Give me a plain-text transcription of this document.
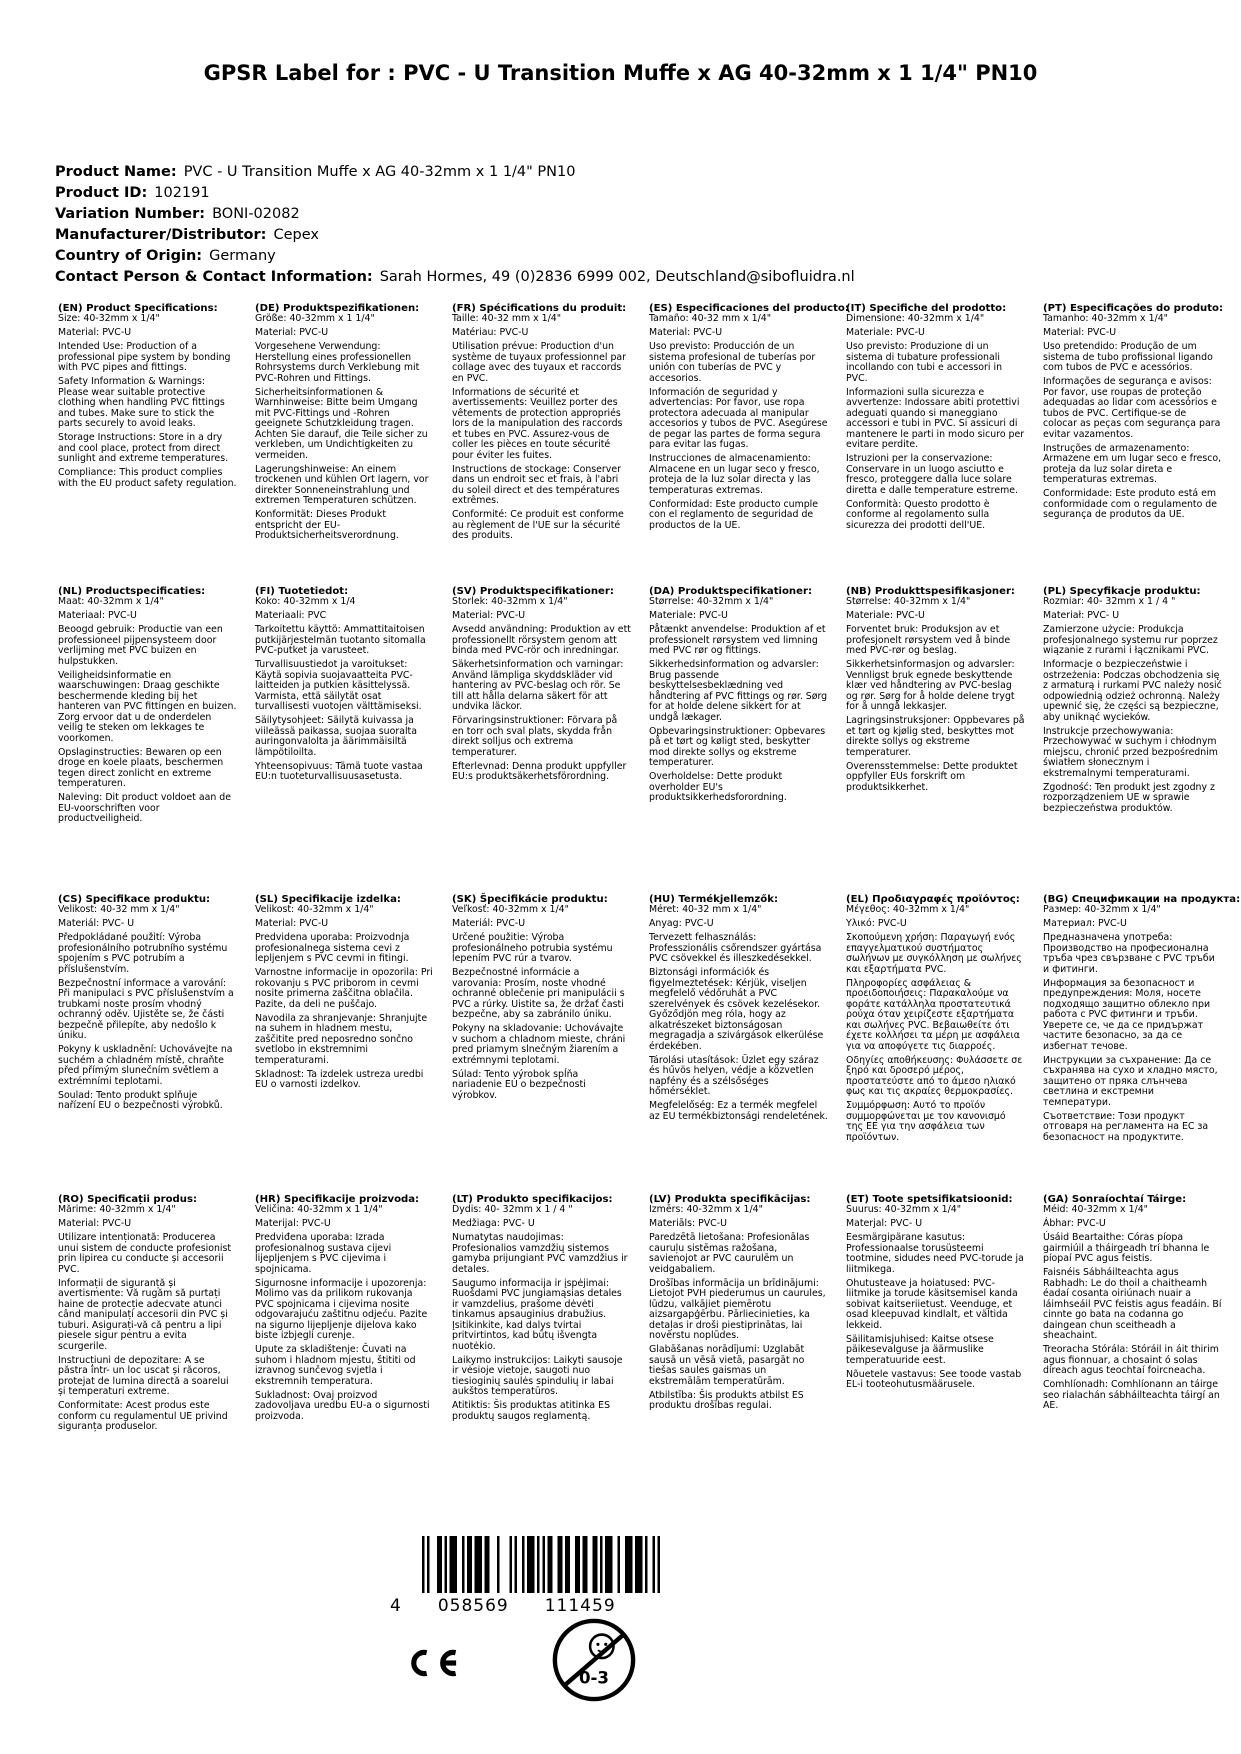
GPSR Label for : PVC - U Transition Muffe x AG 40-32mm x 1 1/4" PN10
Product Name: PVC - U Transition Muffe x AG 40-32mm x 1 1/4" PN10
Product ID: 102191
Variation Number: BONI-02082
Manufacturer/Distributor: Cepex
Country of Origin: Germany
Contact Person & Contact Information: Sarah Hormes, 49 (0)2836 6999 002, Deutschland@sibofluidra.nl
(EN) Product Specifications:

Size: 40-32mm x 1/4"

Material: PVC-U

Intended Use: Production of a professional pipe system by bonding with PVC pipes and fittings.

Safety Information & Warnings: Please wear suitable protective clothing when handling PVC fittings and tubes. Make sure to stick the parts securely to avoid leaks.

Storage Instructions: Store in a dry and cool place, protect from direct sunlight and extreme temperatures.

Compliance: This product complies with the EU product safety regulation.

(DE) Produktspezifikationen:

Größe: 40-32mm x 1 1/4"

Material: PVC-U

Vorgesehene Verwendung: Herstellung eines professionellen Rohrsystems durch Verklebung mit PVC-Rohren und Fittings.

Sicherheitsinformationen & Warnhinweise: Bitte beim Umgang mit PVC-Fittings und -Rohren geeignete Schutzkleidung tragen. Achten Sie darauf, die Teile sicher zu verkleben, um Undichtigkeiten zu vermeiden.

Lagerungshinweise: An einem trockenen und kühlen Ort lagern, vor direkter Sonneneinstrahlung und extremen Temperaturen schützen.

Konformität: Dieses Produkt entspricht der EU-Produktsicherheitsverordnung.

(FR) Spécifications du produit:

Taille: 40-32 mm x 1/4"

Matériau: PVC-U

Utilisation prévue: Production d'un système de tuyaux professionnel par collage avec des tuyaux et raccords en PVC.

Informations de sécurité et avertissements: Veuillez porter des vêtements de protection appropriés lors de la manipulation des raccords et tubes en PVC. Assurez-vous de coller les pièces en toute sécurité pour éviter les fuites.

Instructions de stockage: Conserver dans un endroit sec et frais, à l'abri du soleil direct et des températures extrêmes.

Conformité: Ce produit est conforme au règlement de l'UE sur la sécurité des produits.

(ES) Especificaciones del producto:

Tamaño: 40-32 mm x 1/4"

Material: PVC-U

Uso previsto: Producción de un sistema profesional de tuberías por unión con tuberías de PVC y accesorios.

Información de seguridad y advertencias: Por favor, use ropa protectora adecuada al manipular accesorios y tubos de PVC. Asegúrese de pegar las partes de forma segura para evitar las fugas.

Instrucciones de almacenamiento: Almacene en un lugar seco y fresco, proteja de la luz solar directa y las temperaturas extremas.

Conformidad: Este producto cumple con el reglamento de seguridad de productos de la UE.

(IT) Specifiche del prodotto:

Dimensione: 40-32mm x 1/4"

Materiale: PVC-U

Uso previsto: Produzione di un sistema di tubature professionali incollando con tubi e accessori in PVC.

Informazioni sulla sicurezza e avvertenze: Indossare abiti protettivi adeguati quando si maneggiano accessori e tubi in PVC. Si assicuri di mantenere le parti in modo sicuro per evitare perdite.

Istruzioni per la conservazione: Conservare in un luogo asciutto e fresco, proteggere dalla luce solare diretta e dalle temperature estreme.

Conformità: Questo prodotto è conforme al regolamento sulla sicurezza dei prodotti dell'UE.

(PT) Especificações do produto:

Tamanho: 40-32mm x 1/4"

Material: PVC-U

Uso pretendido: Produção de um sistema de tubo profissional ligando com tubos de PVC e acessórios.

Informações de segurança e avisos: Por favor, use roupas de proteção adequadas ao lidar com acessórios e tubos de PVC. Certifique-se de colocar as peças com segurança para evitar vazamentos.

Instruções de armazenamento: Armazene em um lugar seco e fresco, proteja da luz solar direta e temperaturas extremas.

Conformidade: Este produto está em conformidade com o regulamento de segurança de produtos da UE.

(NL) Productspecificaties:

Maat: 40-32mm x 1/4"

Materiaal: PVC-U

Beoogd gebruik: Productie van een professioneel pijpensysteem door verlijming met PVC buizen en hulpstukken.

Veiligheidsinformatie en waarschuwingen: Draag geschikte beschermende kleding bij het hanteren van PVC fittingen en buizen. Zorg ervoor dat u de onderdelen veilig te steken om lekkages te voorkomen.

Opslaginstructies: Bewaren op een droge en koele plaats, beschermen tegen direct zonlicht en extreme temperaturen.

Naleving: Dit product voldoet aan de EU-voorschriften voor productveiligheid.

(FI) Tuotetiedot:

Koko: 40-32mm x 1/4

Materiaali: PVC

Tarkoitettu käyttö: Ammattitaitoisen putkijärjestelmän tuotanto sitomalla PVC-putket ja varusteet.

Turvallisuustiedot ja varoitukset: Käytä sopivia suojavaatteita PVC-laitteiden ja putkien käsittelyssä. Varmista, että säilytät osat turvallisesti vuotojen välttämiseksi.

Säilytysohjeet: Säilytä kuivassa ja viileässä paikassa, suojaa suoralta auringonvalolta ja äärimmäisiltä lämpötiloilta.

Yhteensopivuus: Tämä tuote vastaa EU:n tuoteturvallisuusasetusta.

(SV) Produktspecifikationer:

Storlek: 40-32mm x 1/4"

Material: PVC-U

Avsedd användning: Produktion av ett professionellt rörsystem genom att binda med PVC-rör och inredningar.

Säkerhetsinformation och varningar: Använd lämpliga skyddskläder vid hantering av PVC-beslag och rör. Se till att hålla delarna säkert för att undvika läckor.

Förvaringsinstruktioner: Förvara på en torr och sval plats, skydda från direkt solljus och extrema temperaturer.

Efterlevnad: Denna produkt uppfyller EU:s produktsäkerhetsförordning.

(DA) Produktspecifikationer:

Størrelse: 40-32mm x 1/4"

Materiale: PVC-U

Påtænkt anvendelse: Produktion af et professionelt rørsystem ved limning med PVC rør og fittings.

Sikkerhedsinformation og advarsler: Brug passende beskyttelsesbeklædning ved håndtering af PVC fittings og rør. Sørg for at holde delene sikkert for at undgå lækager.

Opbevaringsinstruktioner: Opbevares på et tørt og køligt sted, beskytter mod direkte sollys og ekstreme temperaturer.

Overholdelse: Dette produkt overholder EU's produktsikkerhedsforordning.

(NB) Produkttspesifikasjoner:

Størrelse: 40-32mm x 1/4"

Materiale: PVC-U

Forventet bruk: Produksjon av et profesjonelt rørsystem ved å binde med PVC-rør og beslag.

Sikkerhetsinformasjon og advarsler: Vennligst bruk egnede beskyttende klær ved håndtering av PVC-beslag og rør. Sørg for å holde delene trygt for å unngå lekkasjer.

Lagringsinstruksjoner: Oppbevares på et tørt og kjølig sted, beskyttes mot direkte sollys og ekstreme temperaturer.

Overensstemmelse: Dette produktet oppfyller EUs forskrift om produktsikkerhet.

(PL) Specyfikacje produktu:

Rozmiar: 40- 32mm x 1 / 4 "

Materiał: PVC- U

Zamierzone użycie: Produkcja profesjonalnego systemu rur poprzez wiązanie z rurami i łącznikami PVC.

Informacje o bezpieczeństwie i ostrzeżenia: Podczas obchodzenia się z armaturą i rurkami PVC należy nosić odpowiednią odzież ochronną. Należy upewnić się, że części są bezpieczne, aby uniknąć wycieków.

Instrukcje przechowywania: Przechowywać w suchym i chłodnym miejscu, chronić przed bezpośrednim światłem słonecznym i ekstremalnymi temperaturami.

Zgodność: Ten produkt jest zgodny z rozporządzeniem UE w sprawie bezpieczeństwa produktów.

(CS) Specifikace produktu:

Velikost: 40-32 mm x 1/4"

Materiál: PVC- U

Předpokládané použití: Výroba profesionálního potrubního systému spojením s PVC potrubím a příslušenstvím.

Bezpečnostní informace a varování: Při manipulaci s PVC příslušenstvím a trubkami noste prosím vhodný ochranný oděv. Ujistěte se, že části bezpečně přilepíte, aby nedošlo k úniku.

Pokyny k uskladnění: Uchovávejte na suchém a chladném místě, chraňte před přímým slunečním světlem a extrémními teplotami.

Soulad: Tento produkt splňuje nařízení EU o bezpečnosti výrobků.

(SL) Specifikacije izdelka:

Velikost: 40-32mm x 1/4"

Material: PVC-U

Predvidena uporaba: Proizvodnja profesionalnega sistema cevi z lepljenjem s PVC cevmi in fitingi.

Varnostne informacije in opozorila: Pri rokovanju s PVC priborom in cevmi nosite primerna zaščitna oblačila. Pazite, da deli ne puščajo.

Navodila za shranjevanje: Shranjujte na suhem in hladnem mestu, zaščitite pred neposredno sončno svetlobo in ekstremnimi temperaturami.

Skladnost: Ta izdelek ustreza uredbi EU o varnosti izdelkov.

(SK) Špecifikácie produktu:

Veľkosť: 40-32mm x 1/4"

Materiál: PVC-U

Určené použitie: Výroba profesionálneho potrubia systému lepením PVC rúr a tvarov.

Bezpečnostné informácie a varovania: Prosím, noste vhodné ochranné oblečenie pri manipulácii s PVC a rúrky. Uistite sa, že držať časti bezpečne, aby sa zabránilo úniku.

Pokyny na skladovanie: Uchovávajte v suchom a chladnom mieste, chráni pred priamym slnečným žiarením a extrémnymi teplotami.

Súlad: Tento výrobok spĺňa nariadenie EÚ o bezpečnosti výrobkov.

(HU) Termékjellemzők:

Méret: 40-32 mm x 1/4"

Anyag: PVC-U

Tervezett felhasználás: Professzionális csőrendszer gyártása PVC csövekkel és illeszkedésekkel.

Biztonsági információk és figyelmeztetések: Kérjük, viseljen megfelelő védőruhát a PVC szerelvények és csövek kezelésekor. Győződjön meg róla, hogy az alkatrészeket biztonságosan megragadja a szivárgások elkerülése érdekében.

Tárolási utasítások: Üzlet egy száraz és hűvös helyen, védje a közvetlen napfény és a szélsőséges hőmérséklet.

Megfelelőség: Ez a termék megfelel az EU termékbiztonsági rendeletének.

(EL) Προδιαγραφές προϊόντος:

Μέγεθος: 40-32mm x 1/4"

Υλικό: PVC-U

Σκοπούμενη χρήση: Παραγωγή ενός επαγγελματικού συστήματος σωλήνων με συγκόλληση με σωλήνες και εξαρτήματα PVC.

Πληροφορίες ασφάλειας & προειδοποιήσεις: Παρακαλούμε να φοράτε κατάλληλα προστατευτικά ρούχα όταν χειρίζεστε εξαρτήματα και σωλήνες PVC. Βεβαιωθείτε ότι έχετε κολλήσει τα μέρη με ασφάλεια για να αποφύγετε τις διαρροές.

Οδηγίες αποθήκευσης: Φυλάσσετε σε ξηρό και δροσερό μέρος, προστατεύστε από το άμεσο ηλιακό φως και τις ακραίες θερμοκρασίες.

Συμμόρφωση: Αυτό το προϊόν συμμορφώνεται με τον κανονισμό της ΕΕ για την ασφάλεια των προϊόντων.

(BG) Спецификации на продукта:

Размер: 40-32mm x 1/4"

Материал: PVC-U

Предназначена употреба: Производство на професионална тръба чрез свързване с PVC тръби и фитинги.

Информация за безопасност и предупреждения: Моля, носете подходящо защитно облекло при работа с PVC фитинги и тръби. Уверете се, че да се придържат частите безопасно, за да се избегнат течове.

Инструкции за съхранение: Да се съхранява на сухо и хладно място, защитено от пряка слънчева светлина и екстремни температури.

Съответствие: Този продукт отговаря на регламента на ЕС за безопасност на продуктите.

(RO) Specificații produs:

Mărime: 40-32mm x 1/4"

Material: PVC-U

Utilizare intenționată: Producerea unui sistem de conducte profesionist prin lipirea cu conducte și accesorii PVC.

Informații de siguranță și avertismente: Vă rugăm să purtați haine de protecție adecvate atunci când manipulați accesorii din PVC și tuburi. Asigurați-vă că pentru a lipi piesele sigur pentru a evita scurgerile.

Instrucțiuni de depozitare: A se păstra într- un loc uscat și răcoros, protejat de lumina directă a soarelui și temperaturi extreme.

Conformitate: Acest produs este conform cu regulamentul UE privind siguranța produselor.

(HR) Specifikacije proizvoda:

Veličina: 40-32mm x 1 1/4"

Materijal: PVC-U

Predviđena uporaba: Izrada profesionalnog sustava cijevi lijepljenjem s PVC cijevima i spojnicama.

Sigurnosne informacije i upozorenja: Molimo vas da prilikom rukovanja PVC spojnicama i cijevima nosite odgovarajuću zaštitnu odjeću. Pazite na sigurno lijepljenje dijelova kako biste izbjegli curenje.

Upute za skladištenje: Čuvati na suhom i hladnom mjestu, štititi od izravnog sunčevog svjetla i ekstremnih temperatura.

Sukladnost: Ovaj proizvod zadovoljava uredbu EU-a o sigurnosti proizvoda.

(LT) Produkto specifikacijos:

Dydis: 40- 32mm x 1 / 4 "

Medžiaga: PVC- U

Numatytas naudojimas: Profesionalios vamzdžių sistemos gamyba prijungiant PVC vamzdžius ir detales.

Saugumo informacija ir įspėjimai: Ruošdami PVC jungiamąsias detales ir vamzdelius, prašome dėvėti tinkamus apsauginius drabužius. Įsitikinkite, kad dalys tvirtai pritvirtintos, kad būtų išvengta nuotėkio.

Laikymo instrukcijos: Laikyti sausoje ir vėsioje vietoje, saugoti nuo tiesioginių saulės spindulių ir labai aukštos temperatūros.

Atitiktis: Šis produktas atitinka ES produktų saugos reglamentą.

(LV) Produkta specifikācijas:

Izmērs: 40-32mm x 1/4"

Materiāls: PVC-U

Paredzētā lietošana: Profesionālas cauruļu sistēmas ražošana, savienojot ar PVC caurulēm un veidgabaliem.

Drošības informācija un brīdinājumi: Lietojot PVH piederumus un caurules, lūdzu, valkājiet piemērotu aizsargapģērbu. Pārliecinieties, ka detaļas ir droši piestiprinātas, lai novērstu noplūdes.

Glabāšanas norādījumi: Uzglabāt sausā un vēsā vietā, pasargāt no tiešas saules gaismas un ekstremālām temperatūrām.

Atbilstība: Šis produkts atbilst ES produktu drošības regulai.

(ET) Toote spetsifikatsioonid:

Suurus: 40-32mm x 1/4"

Materjal: PVC- U

Eesmärgipärane kasutus: Professionaalse torusüsteemi tootmine, sidudes need PVC-torude ja liitmikega.

Ohutusteave ja hoiatused: PVC-liitmike ja torude käsitsemisel kanda sobivat kaitseriietust. Veenduge, et osad kleepuvad kindlalt, et vältida lekkeid.

Säilitamisjuhised: Kaitse otsese päikesevalguse ja äärmuslike temperatuuride eest.

Nõuetele vastavus: See toode vastab EL-i tooteohutusmäärusele.

(GA) Sonraíochtaí Táirge:

Méid: 40-32mm x 1/4"

Ábhar: PVC-U

Úsáid Beartaithe: Córas píopa gairmiúil a tháirgeadh trí bhanna le píopaí PVC agus feistis.

Faisnéis Sábháilteachta agus Rabhadh: Le do thoil a chaitheamh éadaí cosanta oiriúnach nuair a láimhseáil PVC feistis agus feadáin. Bí cinnte go bata na codanna go daingean chun sceitheadh a sheachaint.

Treoracha Stórála: Stóráil in áit thirim agus fionnuar, a chosaint ó solas díreach agus teochtaí foircneacha.

Comhlíonadh: Comhlíonann an táirge seo rialachán sábháilteachta táirgí an AE.

4 058569 111459
0-3
